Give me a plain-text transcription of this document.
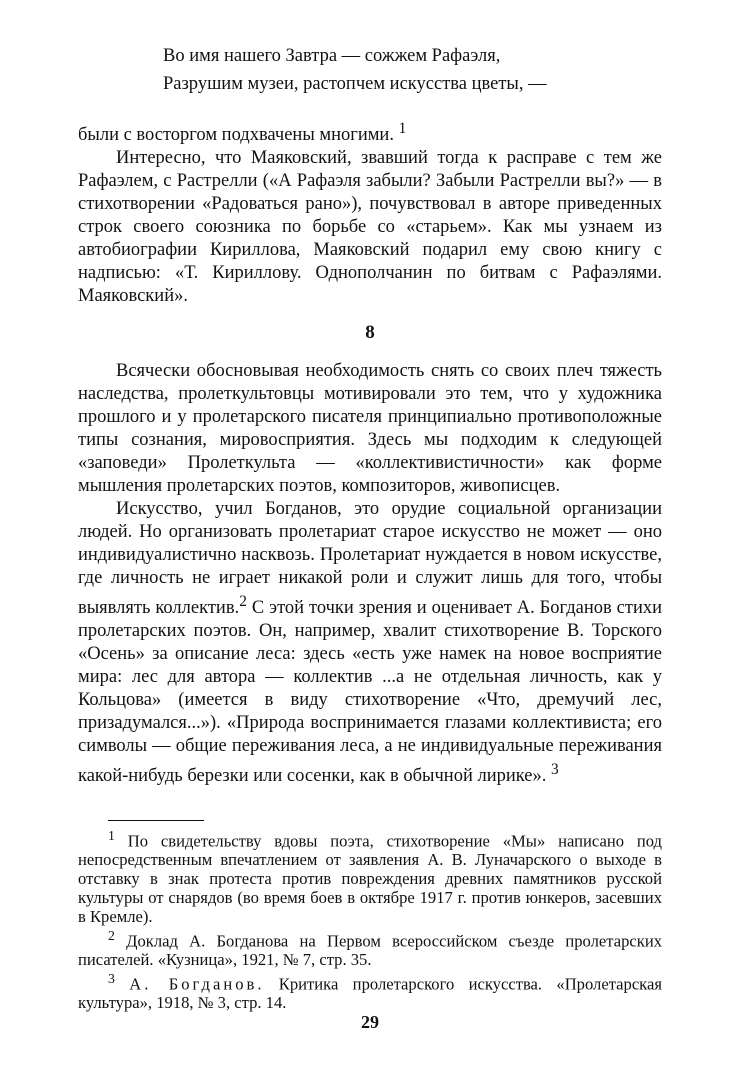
Во имя нашего Завтра — сожжем Рафаэля,
Разрушим музеи, растопчем искусства цветы, —

были с восторгом подхвачены многими. $^1$

Интересно, что Маяковский, звавший тогда к расправе с тем же Рафаэлем, с Растрелли («А Рафаэля забыли? Забыли Растрелли вы?» — в стихотворении «Радоваться рано»), почувствовал в авторе приведенных строк своего союзника по борьбе со «старьем». Как мы узнаем из автобиографии Кириллова, Маяковский подарил ему свою книгу с надписью: «Т. Кириллову. Однополчанин по битвам с Рафаэлями. Маяковский».

8

Всячески обосновывая необходимость снять со своих плеч тяжесть наследства, пролеткультовцы мотивировали это тем, что у художника прошлого и у пролетарского писателя принципиально противоположные типы сознания, мировосприятия. Здесь мы подходим к следующей «заповеди» Пролеткульта — «коллективистичности» как форме мышления пролетарских поэтов, композиторов, живописцев.

Искусство, учил Богданов, это орудие социальной организации людей. Но организовать пролетариат старое искусство не может — оно индивидуалистично насквозь. Пролетариат нуждается в новом искусстве, где личность не играет никакой роли и служит лишь для того, чтобы выявлять коллектив.$^2$ С этой точки зрения и оценивает А. Богданов стихи пролетарских поэтов. Он, например, хвалит стихотворение В. Торского «Осень» за описание леса: здесь «есть уже намек на новое восприятие мира: лес для автора — коллектив ...а не отдельная личность, как у Кольцова» (имеется в виду стихотворение «Что, дремучий лес, призадумался...»). «Природа воспринимается глазами коллективиста; его символы — общие переживания леса, а не индивидуальные переживания какой-нибудь березки или сосенки, как в обычной лирике». $^3$

$^1$ По свидетельству вдовы поэта, стихотворение «Мы» написано под непосредственным впечатлением от заявления А. В. Луначарского о выходе в отставку в знак протеста против повреждения древних памятников русской культуры от снарядов (во время боев в октябре 1917 г. против юнкеров, засевших в Кремле).

$^2$ Доклад А. Богданова на Первом всероссийском съезде пролетарских писателей. «Кузница», 1921, № 7, стр. 35.

$^3$ А. Богданов. Критика пролетарского искусства. «Пролетарская культура», 1918, № 3, стр. 14.

29
